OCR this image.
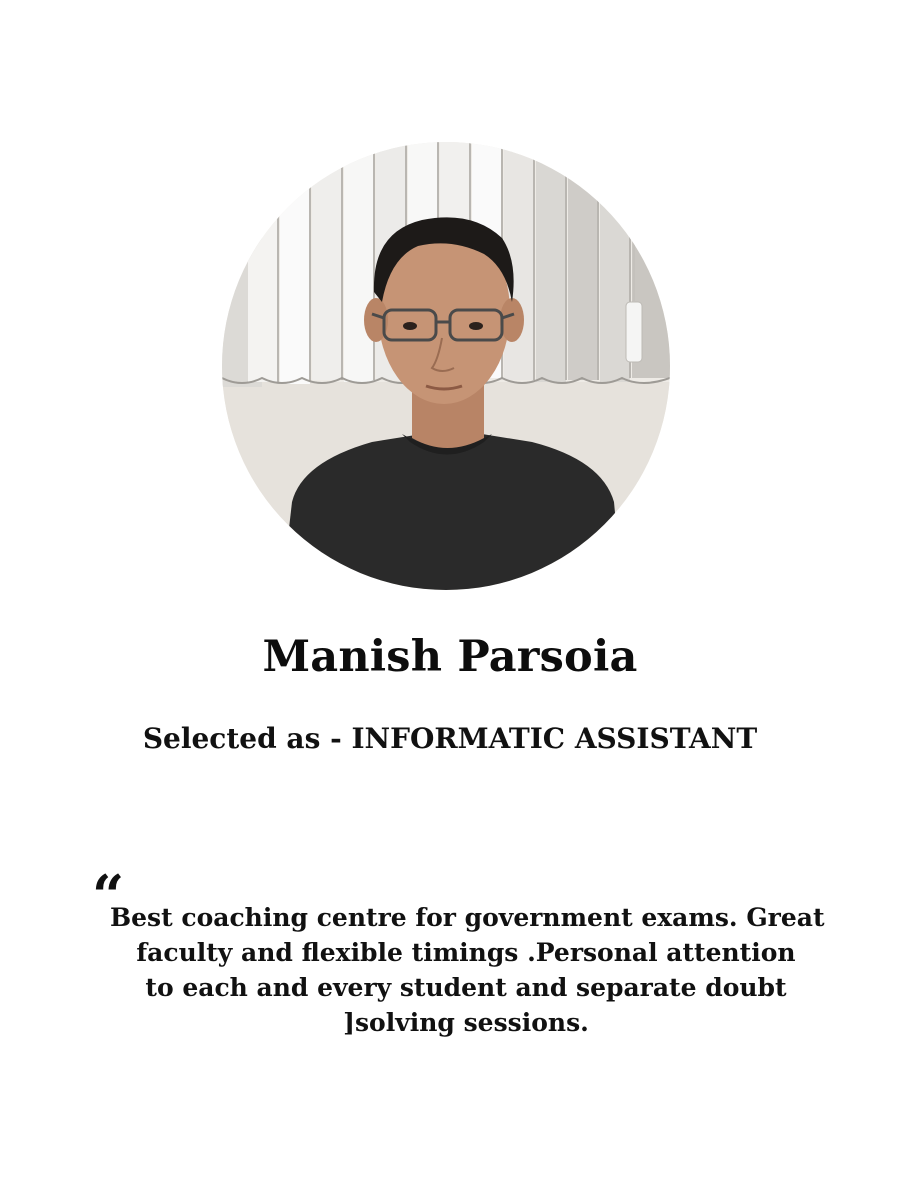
Manish Parsoia
Selected as - INFORMATIC ASSISTANT
“
Best coaching centre for government exams. Great
faculty and flexible timings .Personal attention
to each and every student and separate doubt
]solving sessions.
